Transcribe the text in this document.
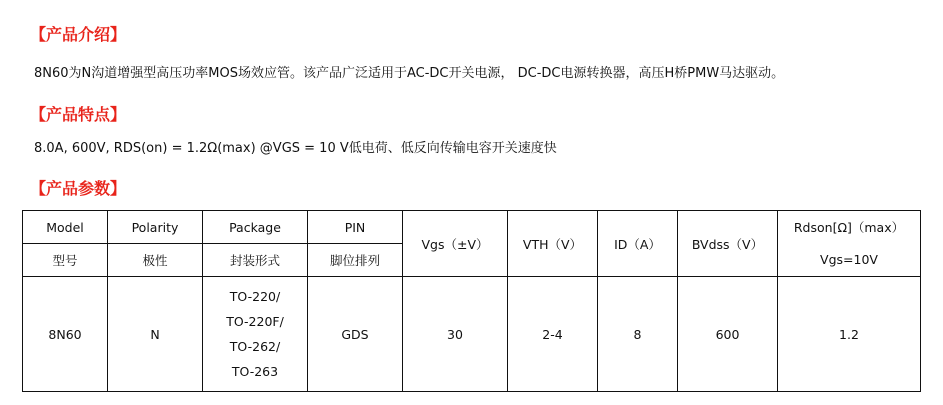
【产品介绍】
8N60为N沟道增强型高压功率MOS场效应管。该产品广泛适用于AC-DC开关电源， DC-DC电源转换器，高压H桥PMW马达驱动。
【产品特点】
8.0A, 600V, RDS(on) = 1.2Ω(max) @VGS = 10 V低电荷、低反向传输电容开关速度快
【产品参数】
Model	Polarity	Package	PIN	Vgs（±V）	VTH（V）	ID（A）	BVdss（V）	Rdson[Ω]（max）
型号	极性	封装形式	脚位排列					Vgs=10V
8N60	N	TO-220/
TO-220F/
TO-262/
TO-263	GDS	30	2-4	8	600	1.2
